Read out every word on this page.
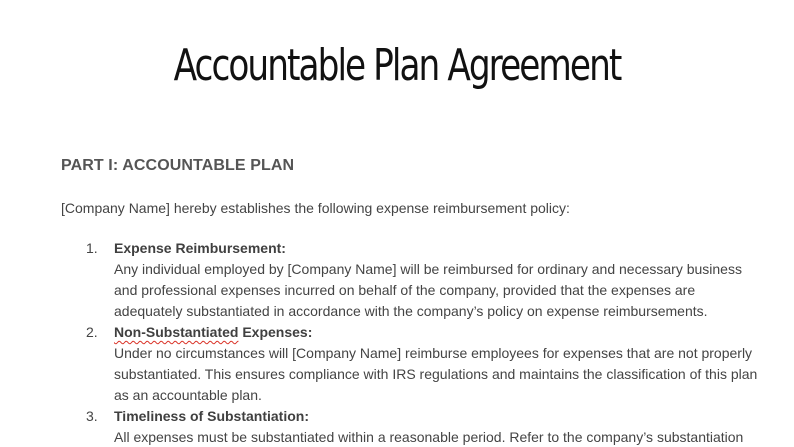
Accountable Plan Agreement
PART I: ACCOUNTABLE PLAN

[Company Name] hereby establishes the following expense reimbursement policy:

1.	Expense Reimbursement:
Any individual employed by [Company Name] will be reimbursed for ordinary and necessary business and professional expenses incurred on behalf of the company, provided that the expenses are adequately substantiated in accordance with the company’s policy on expense reimbursements.
2.	Non-Substantiated Expenses:
Under no circumstances will [Company Name] reimburse employees for expenses that are not properly substantiated. This ensures compliance with IRS regulations and maintains the classification of this plan as an accountable plan.
3.	Timeliness of Substantiation:
All expenses must be substantiated within a reasonable period. Refer to the company’s substantiation
